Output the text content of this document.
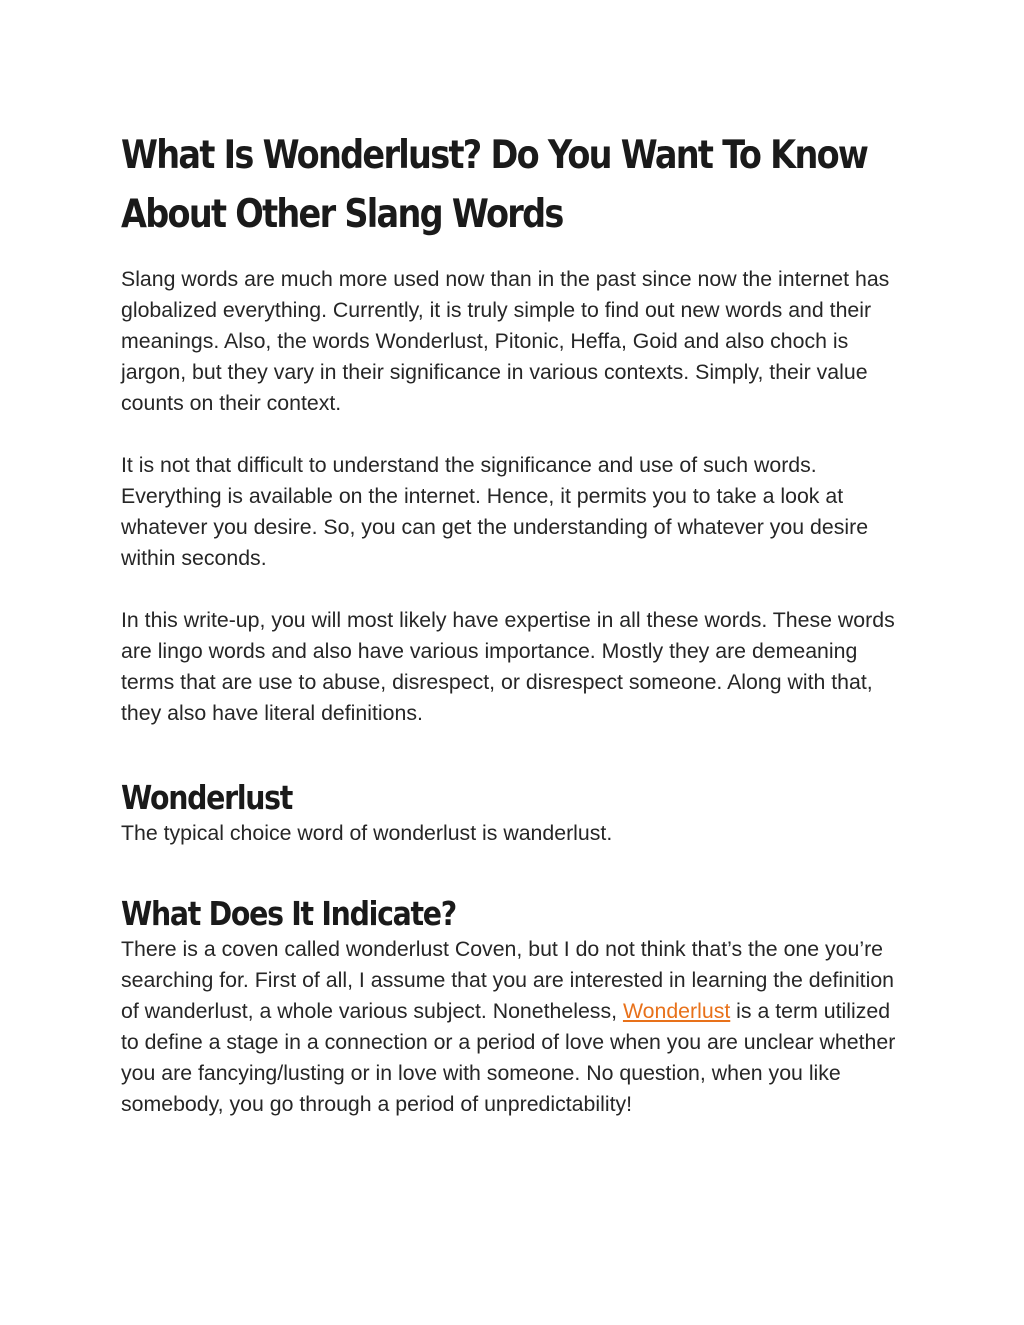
What Is Wonderlust? Do You Want To Know About Other Slang Words

Slang words are much more used now than in the past since now the internet has globalized everything. Currently, it is truly simple to find out new words and their meanings. Also, the words Wonderlust, Pitonic, Heffa, Goid and also choch is jargon, but they vary in their significance in various contexts. Simply, their value counts on their context.

It is not that difficult to understand the significance and use of such words. Everything is available on the internet. Hence, it permits you to take a look at whatever you desire. So, you can get the understanding of whatever you desire within seconds.

In this write-up, you will most likely have expertise in all these words. These words are lingo words and also have various importance. Mostly they are demeaning terms that are use to abuse, disrespect, or disrespect someone. Along with that, they also have literal definitions.

Wonderlust

The typical choice word of wonderlust is wanderlust.

What Does It Indicate?

There is a coven called wonderlust Coven, but I do not think that’s the one you’re searching for. First of all, I assume that you are interested in learning the definition of wanderlust, a whole various subject. Nonetheless, Wonderlust is a term utilized to define a stage in a connection or a period of love when you are unclear whether you are fancying/lusting or in love with someone. No question, when you like somebody, you go through a period of unpredictability!
